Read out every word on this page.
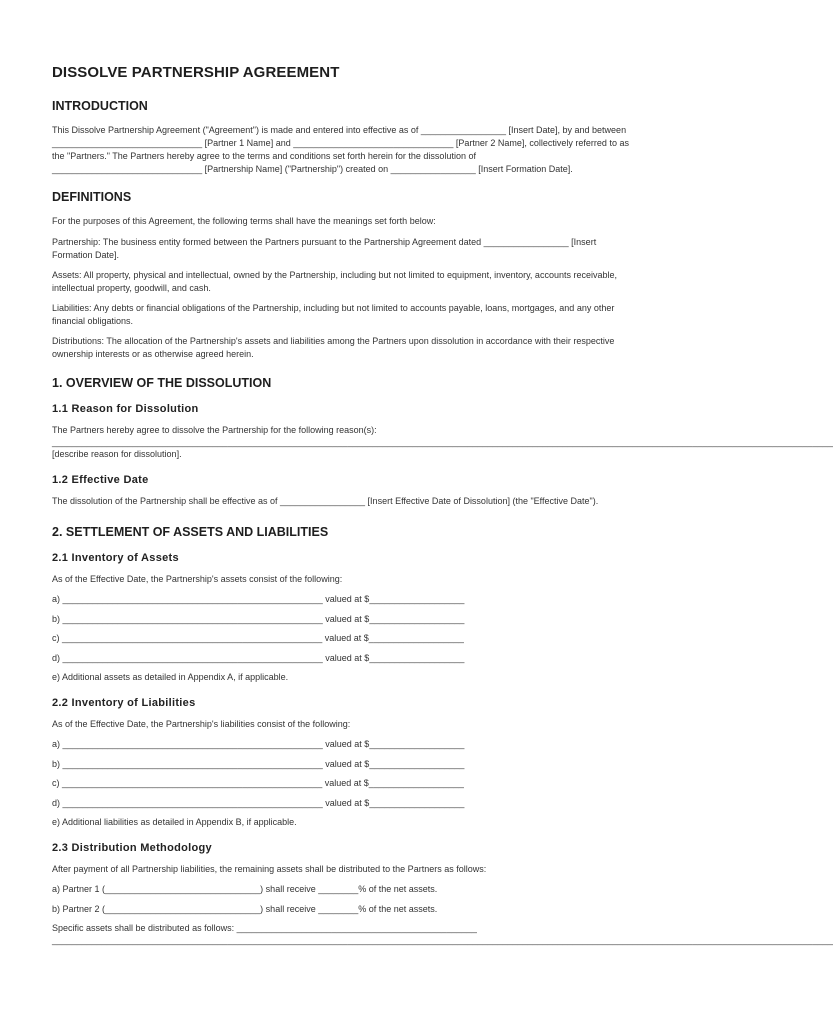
DISSOLVE PARTNERSHIP AGREEMENT
INTRODUCTION

This Dissolve Partnership Agreement ("Agreement") is made and entered into effective as of _________________ [Insert Date], by and between

______________________________ [Partner 1 Name] and ________________________________ [Partner 2 Name], collectively referred to as

the "Partners." The Partners hereby agree to the terms and conditions set forth herein for the dissolution of

______________________________ [Partnership Name] ("Partnership") created on _________________ [Insert Formation Date].

DEFINITIONS

For the purposes of this Agreement, the following terms shall have the meanings set forth below:

Partnership: The business entity formed between the Partners pursuant to the Partnership Agreement dated _________________ [Insert

Formation Date].

Assets: All property, physical and intellectual, owned by the Partnership, including but not limited to equipment, inventory, accounts receivable,

intellectual property, goodwill, and cash.

Liabilities: Any debts or financial obligations of the Partnership, including but not limited to accounts payable, loans, mortgages, and any other

financial obligations.

Distributions: The allocation of the Partnership's assets and liabilities among the Partners upon dissolution in accordance with their respective

ownership interests or as otherwise agreed herein.

1. OVERVIEW OF THE DISSOLUTION
1.1 Reason for Dissolution

The Partners hereby agree to dissolve the Partnership for the following reason(s):

____________________________________________________________________________________________________________________________________________________________

[describe reason for dissolution].

1.2 Effective Date

The dissolution of the Partnership shall be effective as of _________________ [Insert Effective Date of Dissolution] (the "Effective Date").

2. SETTLEMENT OF ASSETS AND LIABILITIES
2.1 Inventory of Assets

As of the Effective Date, the Partnership's assets consist of the following:

a) ____________________________________________________ valued at $___________________
b) ____________________________________________________ valued at $___________________
c) ____________________________________________________ valued at $___________________
d) ____________________________________________________ valued at $___________________

e) Additional assets as detailed in Appendix A, if applicable.

2.2 Inventory of Liabilities

As of the Effective Date, the Partnership's liabilities consist of the following:

a) ____________________________________________________ valued at $___________________
b) ____________________________________________________ valued at $___________________
c) ____________________________________________________ valued at $___________________
d) ____________________________________________________ valued at $___________________

e) Additional liabilities as detailed in Appendix B, if applicable.

2.3 Distribution Methodology

After payment of all Partnership liabilities, the remaining assets shall be distributed to the Partners as follows:

a) Partner 1 (_______________________________) shall receive ________% of the net assets.
b) Partner 2 (_______________________________) shall receive ________% of the net assets.
Specific assets shall be distributed as follows: ________________________________________________
____________________________________________________________________________________________________________________________________________________________
